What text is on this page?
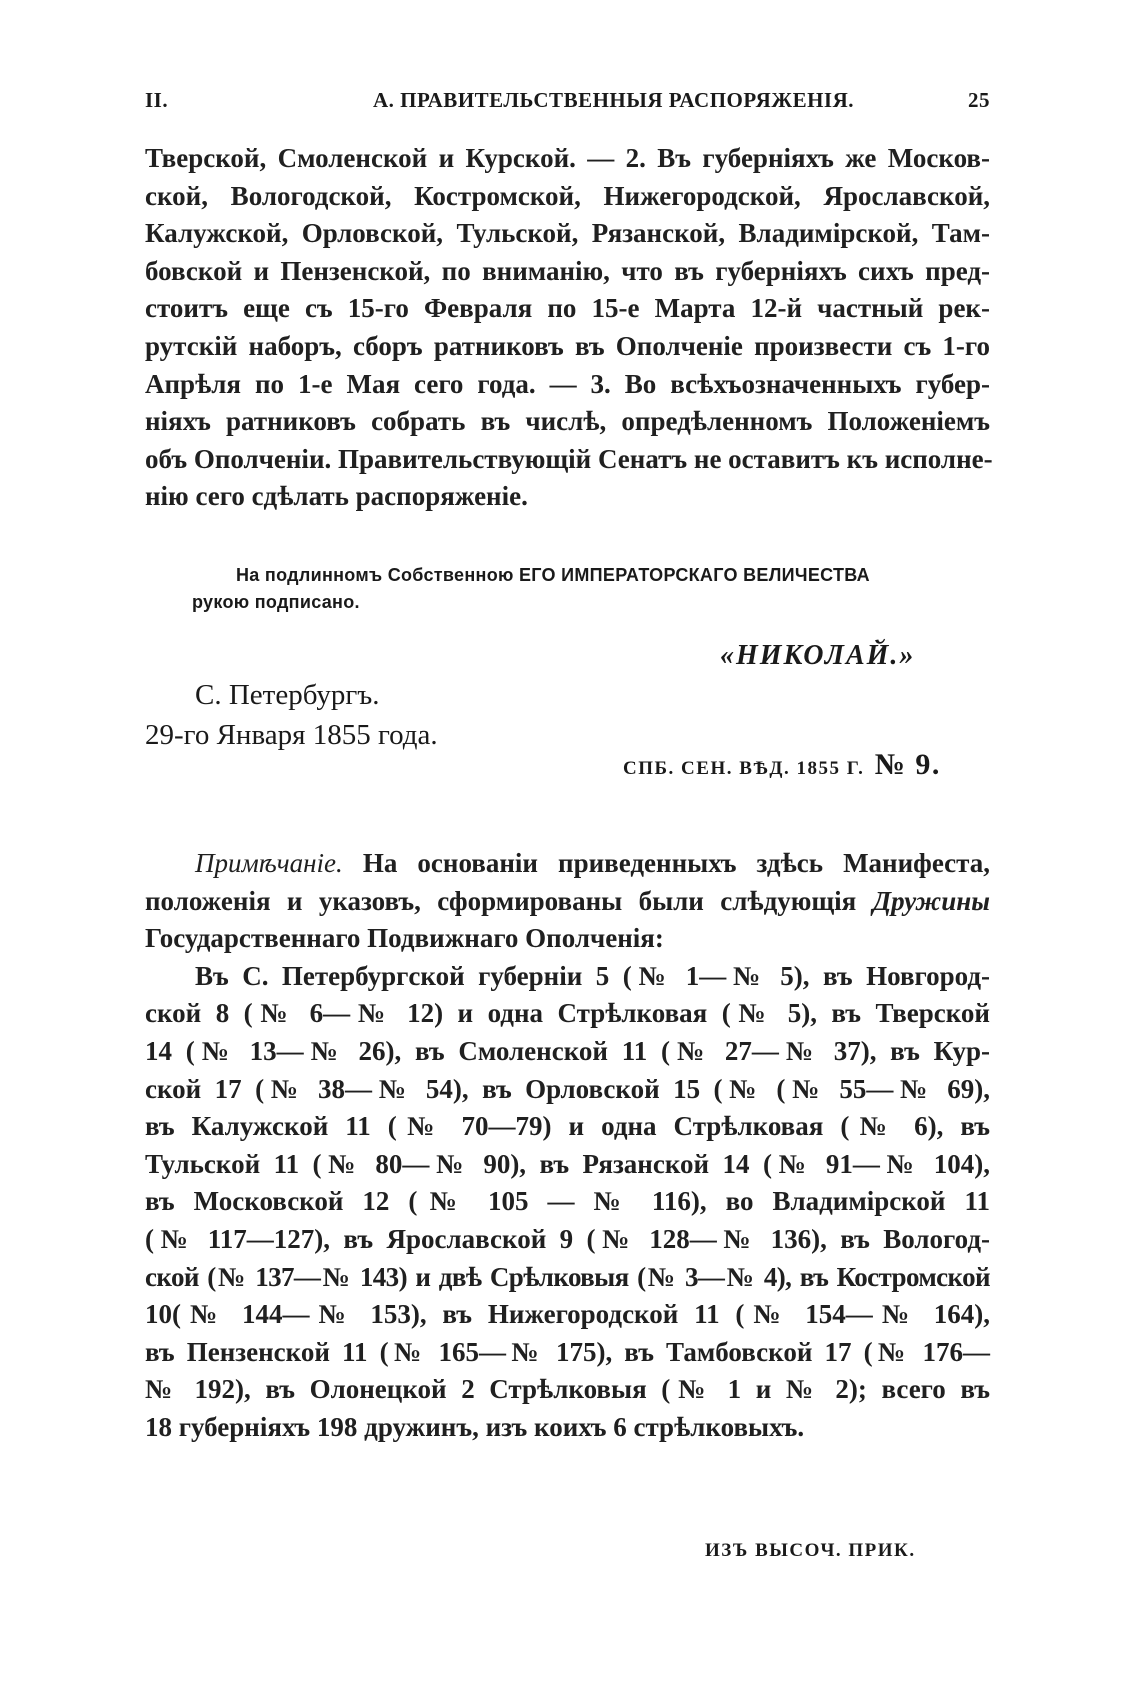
II.	А. ПРАВИТЕЛЬСТВЕННЫЯ РАСПОРЯЖЕНІЯ.	25
Тверской, Смоленской и Курской. — 2. Въ губерніяхъ же Москов-
ской, Вологодской, Костромской, Нижегородской, Ярославской,
Калужской, Орловской, Тульской, Рязанской, Владимірской, Там-
бовской и Пензенской, по вниманію, что въ губерніяхъ сихъ пред-
стоитъ еще съ 15-го Февраля по 15-е Марта 12-й частный рек-
рутскій наборъ, сборъ ратниковъ въ Ополченіе произвести съ 1-го
Апрѣля по 1-е Мая сего года. — 3. Во всѣхъозначенныхъ губер-
ніяхъ ратниковъ собрать въ числѣ, опредѣленномъ Положеніемъ
объ Ополченіи. Правительствующій Сенатъ не оставитъ къ исполне-
нію сего сдѣлать распоряженіе.
На подлинномъ Собственною ЕГО ИМПЕРАТОРСКАГО ВЕЛИЧЕСТВА
рукою подписано.
«НИКОЛАЙ.»
С. Петербургъ.
29-го Января 1855 года.
СПБ. СЕН. ВѢД. 1855 Г. № 9.
Примѣчаніе. На основаніи приведенныхъ здѣсь Манифеста,
положенія и указовъ, сформированы были слѣдующія Дружины
Государственнаго Подвижнаго Ополченія:
Въ С. Петербургской губерніи 5 (№ 1—№ 5), въ Новгород-
ской 8 (№ 6—№ 12) и одна Стрѣлковая (№ 5), въ Тверской
14 (№ 13—№ 26), въ Смоленской 11 (№ 27—№ 37), въ Кур-
ской 17 (№ 38—№ 54), въ Орловской 15 (№ (№ 55—№ 69),
въ Калужской 11 (№ 70—79) и одна Стрѣлковая (№ 6), въ
Тульской 11 (№ 80—№ 90), въ Рязанской 14 (№ 91—№ 104),
въ Московской 12 (№ 105 — № 116), во Владимірской 11
(№ 117—127), въ Ярославской 9 (№ 128—№ 136), въ Вологод-
ской (№ 137—№ 143) и двѣ Срѣлковыя (№ 3—№ 4), въ Костромской
10(№ 144—№ 153), въ Нижегородской 11 (№ 154—№ 164),
въ Пензенской 11 (№ 165—№ 175), въ Тамбовской 17 (№ 176—
№ 192), въ Олонецкой 2 Стрѣлковыя (№ 1 и № 2); всего въ
18 губерніяхъ 198 дружинъ, изъ коихъ 6 стрѣлковыхъ.
ИЗЪ ВЫСОЧ. ПРИК.
